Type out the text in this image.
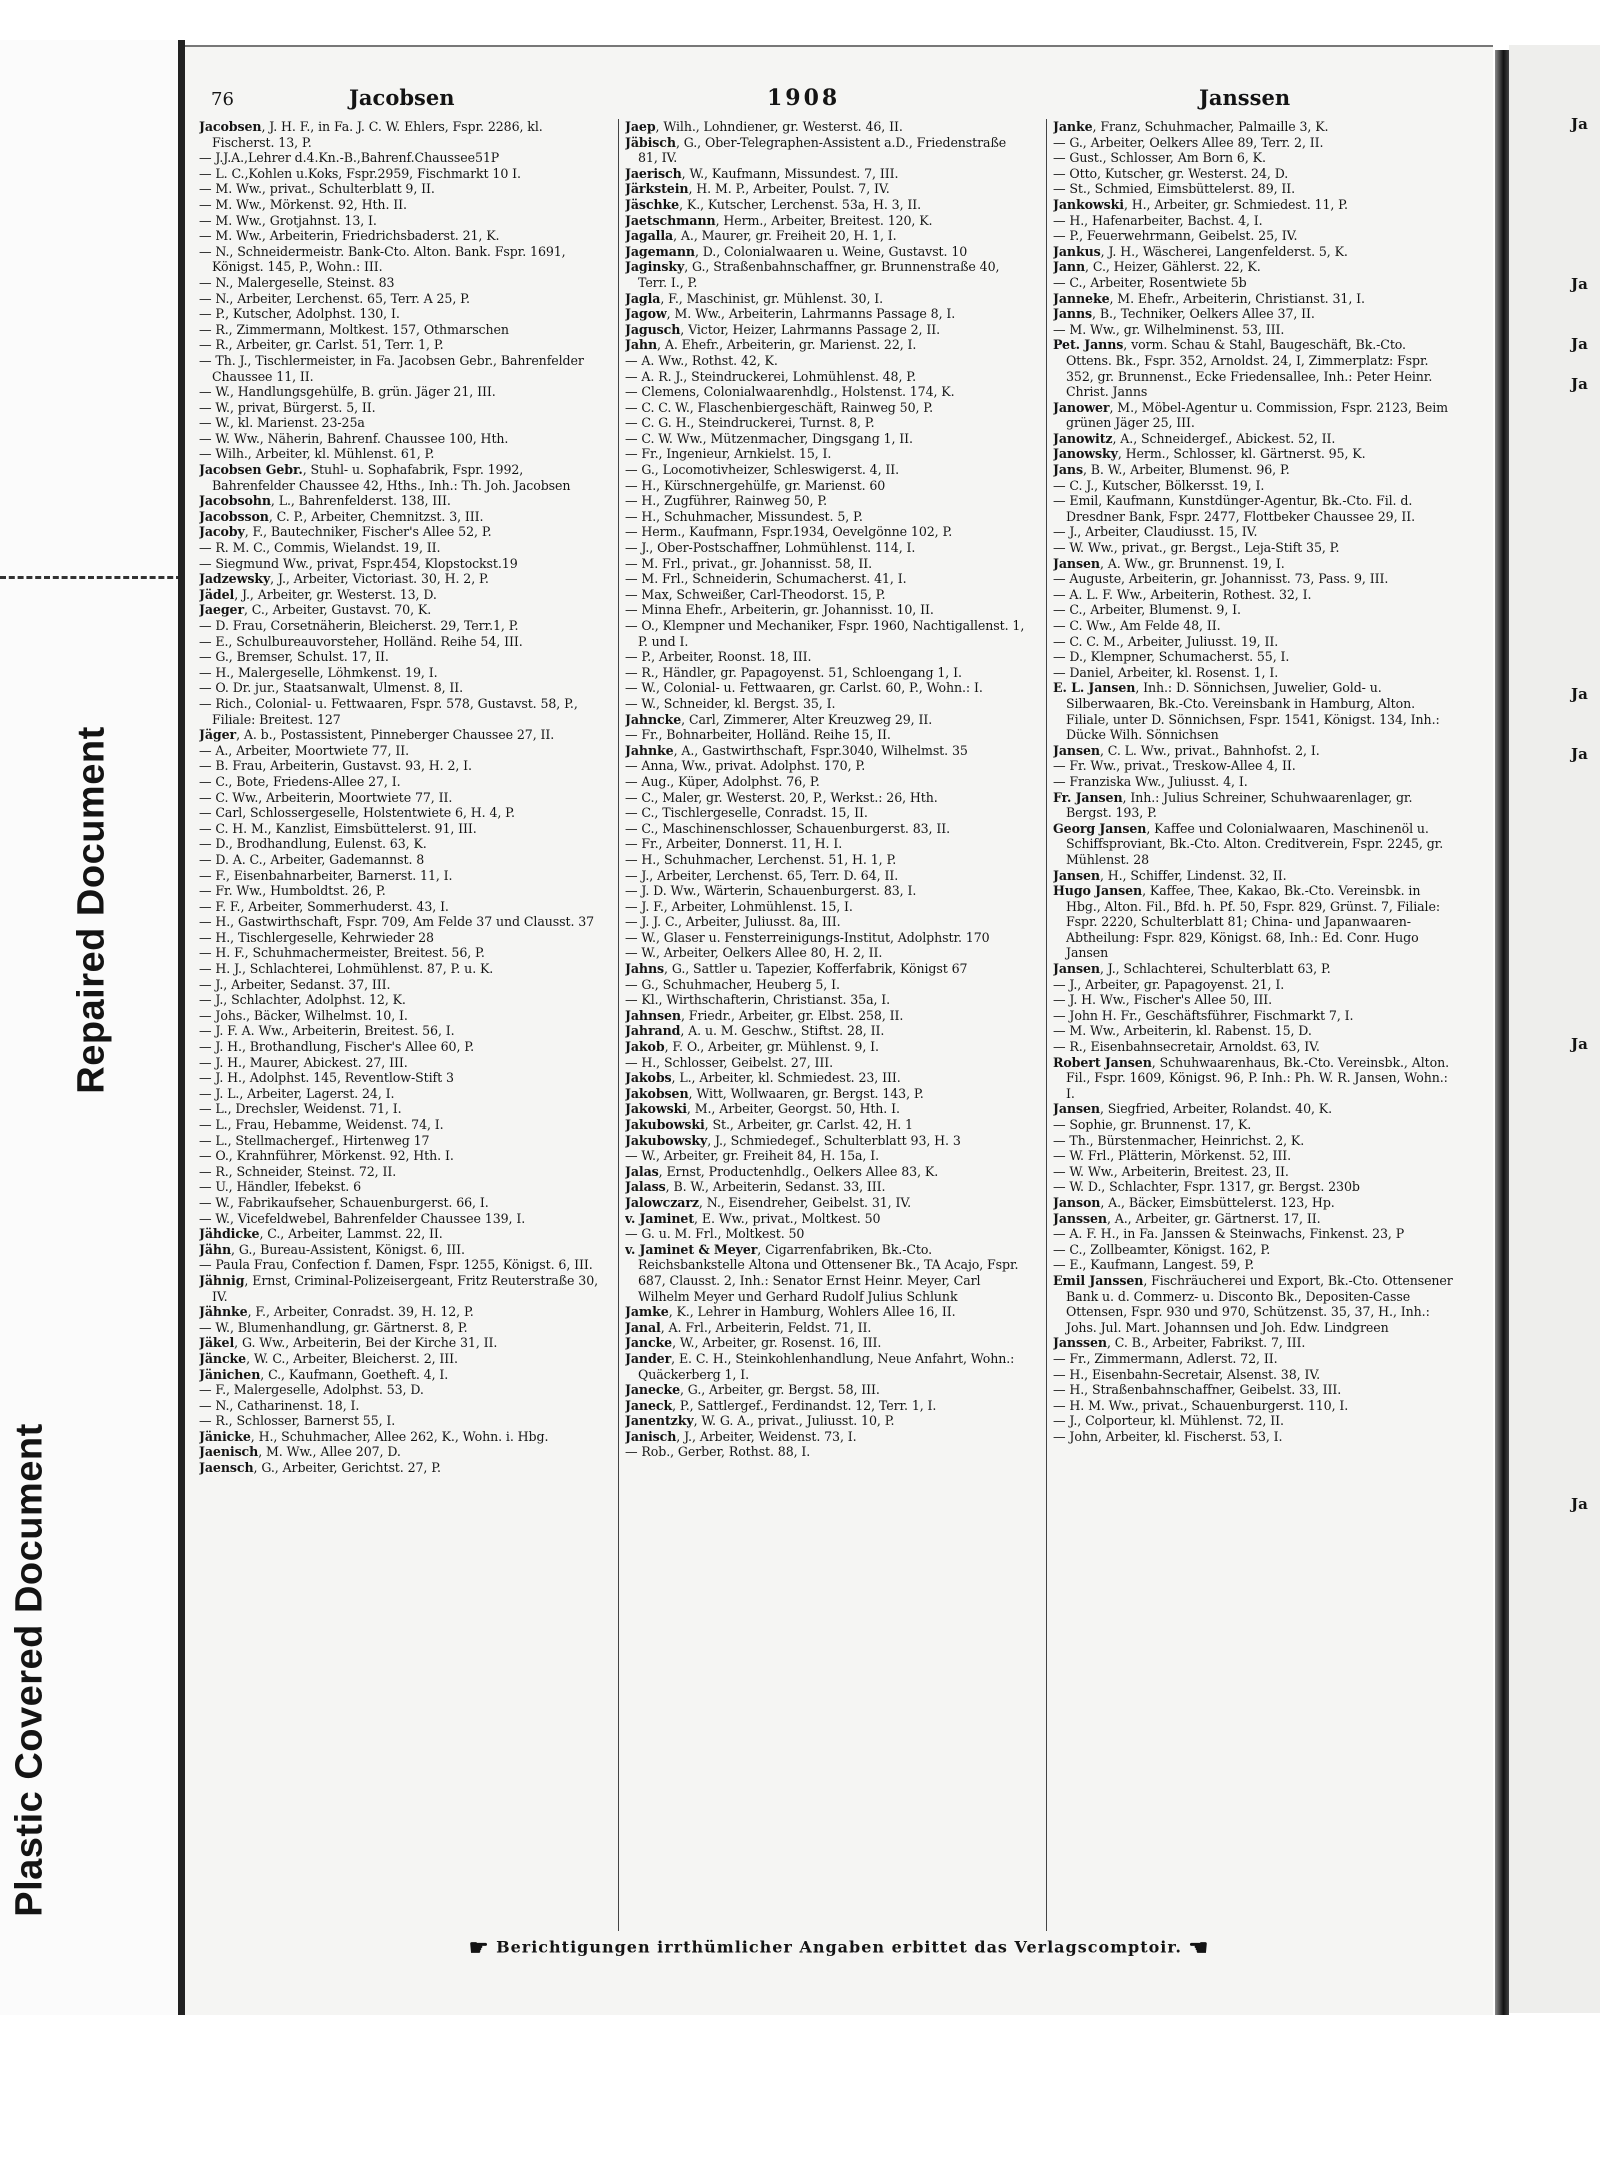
Repaired Document
Plastic Covered Document
76	Jacobsen	1908	Janssen
Jacobsen, J. H. F., in Fa. J. C. W. Ehlers, Fspr. 2286, kl. Fischerst. 13, P.
— J.J.A.,Lehrer d.4.Kn.-B.,Bahrenf.Chaussee51P
— L. C.,Kohlen u.Koks, Fspr.2959, Fischmarkt 10 I.
— M. Ww., privat., Schulterblatt 9, II.
— M. Ww., Mörkenst. 92, Hth. II.
— M. Ww., Grotjahnst. 13, I.
— M. Ww., Arbeiterin, Friedrichsbaderst. 21, K.
— N., Schneidermeistr. Bank-Cto. Alton. Bank. Fspr. 1691, Königst. 145, P., Wohn.: III.
— N., Malergeselle, Steinst. 83
— N., Arbeiter, Lerchenst. 65, Terr. A 25, P.
— P., Kutscher, Adolphst. 130, I.
— R., Zimmermann, Moltkest. 157, Othmarschen
— R., Arbeiter, gr. Carlst. 51, Terr. 1, P.
— Th. J., Tischlermeister, in Fa. Jacobsen Gebr., Bahrenfelder Chaussee 11, II.
— W., Handlungsgehülfe, B. grün. Jäger 21, III.
— W., privat, Bürgerst. 5, II.
— W., kl. Marienst. 23-25a
— W. Ww., Näherin, Bahrenf. Chaussee 100, Hth.
— Wilh., Arbeiter, kl. Mühlenst. 61, P.
Jacobsen Gebr., Stuhl- u. Sophafabrik, Fspr. 1992, Bahrenfelder Chaussee 42, Hths., Inh.: Th. Joh. Jacobsen
Jacobsohn, L., Bahrenfelderst. 138, III.
Jacobsson, C. P., Arbeiter, Chemnitzst. 3, III.
Jacoby, F., Bautechniker, Fischer's Allee 52, P.
— R. M. C., Commis, Wielandst. 19, II.
— Siegmund Ww., privat, Fspr.454, Klopstockst.19
Jadzewsky, J., Arbeiter, Victoriast. 30, H. 2, P.
Jädel, J., Arbeiter, gr. Westerst. 13, D.
Jaeger, C., Arbeiter, Gustavst. 70, K.
— D. Frau, Corsetnäherin, Bleicherst. 29, Terr.1, P.
— E., Schulbureauvorsteher, Holländ. Reihe 54, III.
— G., Bremser, Schulst. 17, II.
— H., Malergeselle, Löhmkenst. 19, I.
— O. Dr. jur., Staatsanwalt, Ulmenst. 8, II.
— Rich., Colonial- u. Fettwaaren, Fspr. 578, Gustavst. 58, P., Filiale: Breitest. 127
Jäger, A. b., Postassistent, Pinneberger Chaussee 27, II.
— A., Arbeiter, Moortwiete 77, II.
— B. Frau, Arbeiterin, Gustavst. 93, H. 2, I.
— C., Bote, Friedens-Allee 27, I.
— C. Ww., Arbeiterin, Moortwiete 77, II.
— Carl, Schlossergeselle, Holstentwiete 6, H. 4, P.
— C. H. M., Kanzlist, Eimsbüttelerst. 91, III.
— D., Brodhandlung, Eulenst. 63, K.
— D. A. C., Arbeiter, Gademannst. 8
— F., Eisenbahnarbeiter, Barnerst. 11, I.
— Fr. Ww., Humboldtst. 26, P.
— F. F., Arbeiter, Sommerhuderst. 43, I.
— H., Gastwirthschaft, Fspr. 709, Am Felde 37 und Clausst. 37
— H., Tischlergeselle, Kehrwieder 28
— H. F., Schuhmachermeister, Breitest. 56, P.
— H. J., Schlachterei, Lohmühlenst. 87, P. u. K.
— J., Arbeiter, Sedanst. 37, III.
— J., Schlachter, Adolphst. 12, K.
— Johs., Bäcker, Wilhelmst. 10, I.
— J. F. A. Ww., Arbeiterin, Breitest. 56, I.
— J. H., Brothandlung, Fischer's Allee 60, P.
— J. H., Maurer, Abickest. 27, III.
— J. H., Adolphst. 145, Reventlow-Stift 3
— J. L., Arbeiter, Lagerst. 24, I.
— L., Drechsler, Weidenst. 71, I.
— L., Frau, Hebamme, Weidenst. 74, I.
— L., Stellmachergef., Hirtenweg 17
— O., Krahnführer, Mörkenst. 92, Hth. I.
— R., Schneider, Steinst. 72, II.
— U., Händler, Ifebekst. 6
— W., Fabrikaufseher, Schauenburgerst. 66, I.
— W., Vicefeldwebel, Bahrenfelder Chaussee 139, I.
Jähdicke, C., Arbeiter, Lammst. 22, II.
Jähn, G., Bureau-Assistent, Königst. 6, III.
— Paula Frau, Confection f. Damen, Fspr. 1255, Königst. 6, III.
Jähnig, Ernst, Criminal-Polizeisergeant, Fritz Reuterstraße 30, IV.
Jähnke, F., Arbeiter, Conradst. 39, H. 12, P.
— W., Blumenhandlung, gr. Gärtnerst. 8, P.
Jäkel, G. Ww., Arbeiterin, Bei der Kirche 31, II.
Jäncke, W. C., Arbeiter, Bleicherst. 2, III.
Jänichen, C., Kaufmann, Goetheft. 4, I.
— F., Malergeselle, Adolphst. 53, D.
— N., Catharinenst. 18, I.
— R., Schlosser, Barnerst 55, I.
Jänicke, H., Schuhmacher, Allee 262, K., Wohn. i. Hbg.
Jaenisch, M. Ww., Allee 207, D.
Jaensch, G., Arbeiter, Gerichtst. 27, P.
Jaep, Wilh., Lohndiener, gr. Westerst. 46, II.
Jäbisch, G., Ober-Telegraphen-Assistent a.D., Friedenstraße 81, IV.
Jaerisch, W., Kaufmann, Missundest. 7, III.
Järkstein, H. M. P., Arbeiter, Poulst. 7, IV.
Jäschke, K., Kutscher, Lerchenst. 53a, H. 3, II.
Jaetschmann, Herm., Arbeiter, Breitest. 120, K.
Jagalla, A., Maurer, gr. Freiheit 20, H. 1, I.
Jagemann, D., Colonialwaaren u. Weine, Gustavst. 10
Jaginsky, G., Straßenbahnschaffner, gr. Brunnenstraße 40, Terr. I., P.
Jagla, F., Maschinist, gr. Mühlenst. 30, I.
Jagow, M. Ww., Arbeiterin, Lahrmanns Passage 8, I.
Jagusch, Victor, Heizer, Lahrmanns Passage 2, II.
Jahn, A. Ehefr., Arbeiterin, gr. Marienst. 22, I.
— A. Ww., Rothst. 42, K.
— A. R. J., Steindruckerei, Lohmühlenst. 48, P.
— Clemens, Colonialwaarenhdlg., Holstenst. 174, K.
— C. C. W., Flaschenbiergeschäft, Rainweg 50, P.
— C. G. H., Steindruckerei, Turnst. 8, P.
— C. W. Ww., Mützenmacher, Dingsgang 1, II.
— Fr., Ingenieur, Arnkielst. 15, I.
— G., Locomotivheizer, Schleswigerst. 4, II.
— H., Kürschnergehülfe, gr. Marienst. 60
— H., Zugführer, Rainweg 50, P.
— H., Schuhmacher, Missundest. 5, P.
— Herm., Kaufmann, Fspr.1934, Oevelgönne 102, P.
— J., Ober-Postschaffner, Lohmühlenst. 114, I.
— M. Frl., privat., gr. Johannisst. 58, II.
— M. Frl., Schneiderin, Schumacherst. 41, I.
— Max, Schweißer, Carl-Theodorst. 15, P.
— Minna Ehefr., Arbeiterin, gr. Johannisst. 10, II.
— O., Klempner und Mechaniker, Fspr. 1960, Nachtigallenst. 1, P. und I.
— P., Arbeiter, Roonst. 18, III.
— R., Händler, gr. Papagoyenst. 51, Schloengang 1, I.
— W., Colonial- u. Fettwaaren, gr. Carlst. 60, P., Wohn.: I.
— W., Schneider, kl. Bergst. 35, I.
Jahncke, Carl, Zimmerer, Alter Kreuzweg 29, II.
— Fr., Bohnarbeiter, Holländ. Reihe 15, II.
Jahnke, A., Gastwirthschaft, Fspr.3040, Wilhelmst. 35
— Anna, Ww., privat. Adolphst. 170, P.
— Aug., Küper, Adolphst. 76, P.
— C., Maler, gr. Westerst. 20, P., Werkst.: 26, Hth.
— C., Tischlergeselle, Conradst. 15, II.
— C., Maschinenschlosser, Schauenburgerst. 83, II.
— Fr., Arbeiter, Donnerst. 11, H. I.
— H., Schuhmacher, Lerchenst. 51, H. 1, P.
— J., Arbeiter, Lerchenst. 65, Terr. D. 64, II.
— J. D. Ww., Wärterin, Schauenburgerst. 83, I.
— J. F., Arbeiter, Lohmühlenst. 15, I.
— J. J. C., Arbeiter, Juliusst. 8a, III.
— W., Glaser u. Fensterreinigungs-Institut, Adolphstr. 170
— W., Arbeiter, Oelkers Allee 80, H. 2, II.
Jahns, G., Sattler u. Tapezier, Kofferfabrik, Königst 67
— G., Schuhmacher, Heuberg 5, I.
— Kl., Wirthschafterin, Christianst. 35a, I.
Jahnsen, Friedr., Arbeiter, gr. Elbst. 258, II.
Jahrand, A. u. M. Geschw., Stiftst. 28, II.
Jakob, F. O., Arbeiter, gr. Mühlenst. 9, I.
— H., Schlosser, Geibelst. 27, III.
Jakobs, L., Arbeiter, kl. Schmiedest. 23, III.
Jakobsen, Witt, Wollwaaren, gr. Bergst. 143, P.
Jakowski, M., Arbeiter, Georgst. 50, Hth. I.
Jakubowski, St., Arbeiter, gr. Carlst. 42, H. 1
Jakubowsky, J., Schmiedegef., Schulterblatt 93, H. 3
— W., Arbeiter, gr. Freiheit 84, H. 15a, I.
Jalas, Ernst, Productenhdlg., Oelkers Allee 83, K.
Jalass, B. W., Arbeiterin, Sedanst. 33, III.
Jalowczarz, N., Eisendreher, Geibelst. 31, IV.
v. Jaminet, E. Ww., privat., Moltkest. 50
— G. u. M. Frl., Moltkest. 50
v. Jaminet & Meyer, Cigarrenfabriken, Bk.-Cto. Reichsbankstelle Altona und Ottensener Bk., TA Acajo, Fspr. 687, Clausst. 2, Inh.: Senator Ernst Heinr. Meyer, Carl Wilhelm Meyer und Gerhard Rudolf Julius Schlunk
Jamke, K., Lehrer in Hamburg, Wohlers Allee 16, II.
Janal, A. Frl., Arbeiterin, Feldst. 71, II.
Jancke, W., Arbeiter, gr. Rosenst. 16, III.
Jander, E. C. H., Steinkohlenhandlung, Neue Anfahrt, Wohn.: Quäckerberg 1, I.
Janecke, G., Arbeiter, gr. Bergst. 58, III.
Janeck, P., Sattlergef., Ferdinandst. 12, Terr. 1, I.
Janentzky, W. G. A., privat., Juliusst. 10, P.
Janisch, J., Arbeiter, Weidenst. 73, I.
— Rob., Gerber, Rothst. 88, I.
Janke, Franz, Schuhmacher, Palmaille 3, K.
— G., Arbeiter, Oelkers Allee 89, Terr. 2, II.
— Gust., Schlosser, Am Born 6, K.
— Otto, Kutscher, gr. Westerst. 24, D.
— St., Schmied, Eimsbüttelerst. 89, II.
Jankowski, H., Arbeiter, gr. Schmiedest. 11, P.
— H., Hafenarbeiter, Bachst. 4, I.
— P., Feuerwehrmann, Geibelst. 25, IV.
Jankus, J. H., Wäscherei, Langenfelderst. 5, K.
Jann, C., Heizer, Gählerst. 22, K.
— C., Arbeiter, Rosentwiete 5b
Janneke, M. Ehefr., Arbeiterin, Christianst. 31, I.
Janns, B., Techniker, Oelkers Allee 37, II.
— M. Ww., gr. Wilhelminenst. 53, III.
Pet. Janns, vorm. Schau & Stahl, Baugeschäft, Bk.-Cto. Ottens. Bk., Fspr. 352, Arnoldst. 24, I, Zimmerplatz: Fspr. 352, gr. Brunnenst., Ecke Friedensallee, Inh.: Peter Heinr. Christ. Janns
Janower, M., Möbel-Agentur u. Commission, Fspr. 2123, Beim grünen Jäger 25, III.
Janowitz, A., Schneidergef., Abickest. 52, II.
Janowsky, Herm., Schlosser, kl. Gärtnerst. 95, K.
Jans, B. W., Arbeiter, Blumenst. 96, P.
— C. J., Kutscher, Bölkersst. 19, I.
— Emil, Kaufmann, Kunstdünger-Agentur, Bk.-Cto. Fil. d. Dresdner Bank, Fspr. 2477, Flottbeker Chaussee 29, II.
— J., Arbeiter, Claudiusst. 15, IV.
— W. Ww., privat., gr. Bergst., Leja-Stift 35, P.
Jansen, A. Ww., gr. Brunnenst. 19, I.
— Auguste, Arbeiterin, gr. Johannisst. 73, Pass. 9, III.
— A. L. F. Ww., Arbeiterin, Rothest. 32, I.
— C., Arbeiter, Blumenst. 9, I.
— C. Ww., Am Felde 48, II.
— C. C. M., Arbeiter, Juliusst. 19, II.
— D., Klempner, Schumacherst. 55, I.
— Daniel, Arbeiter, kl. Rosenst. 1, I.
E. L. Jansen, Inh.: D. Sönnichsen, Juwelier, Gold- u. Silberwaaren, Bk.-Cto. Vereinsbank in Hamburg, Alton. Filiale, unter D. Sönnichsen, Fspr. 1541, Königst. 134, Inh.: Dücke Wilh. Sönnichsen
Jansen, C. L. Ww., privat., Bahnhofst. 2, I.
— Fr. Ww., privat., Treskow-Allee 4, II.
— Franziska Ww., Juliusst. 4, I.
Fr. Jansen, Inh.: Julius Schreiner, Schuhwaarenlager, gr. Bergst. 193, P.
Georg Jansen, Kaffee und Colonialwaaren, Maschinenöl u. Schiffsproviant, Bk.-Cto. Alton. Creditverein, Fspr. 2245, gr. Mühlenst. 28
Jansen, H., Schiffer, Lindenst. 32, II.
Hugo Jansen, Kaffee, Thee, Kakao, Bk.-Cto. Vereinsbk. in Hbg., Alton. Fil., Bfd. h. Pf. 50, Fspr. 829, Grünst. 7, Filiale: Fspr. 2220, Schulterblatt 81; China- und Japanwaaren-Abtheilung: Fspr. 829, Königst. 68, Inh.: Ed. Conr. Hugo Jansen
Jansen, J., Schlachterei, Schulterblatt 63, P.
— J., Arbeiter, gr. Papagoyenst. 21, I.
— J. H. Ww., Fischer's Allee 50, III.
— John H. Fr., Geschäftsführer, Fischmarkt 7, I.
— M. Ww., Arbeiterin, kl. Rabenst. 15, D.
— R., Eisenbahnsecretair, Arnoldst. 63, IV.
Robert Jansen, Schuhwaarenhaus, Bk.-Cto. Vereinsbk., Alton. Fil., Fspr. 1609, Königst. 96, P. Inh.: Ph. W. R. Jansen, Wohn.: I.
Jansen, Siegfried, Arbeiter, Rolandst. 40, K.
— Sophie, gr. Brunnenst. 17, K.
— Th., Bürstenmacher, Heinrichst. 2, K.
— W. Frl., Plätterin, Mörkenst. 52, III.
— W. Ww., Arbeiterin, Breitest. 23, II.
— W. D., Schlachter, Fspr. 1317, gr. Bergst. 230b
Janson, A., Bäcker, Eimsbüttelerst. 123, Hp.
Janssen, A., Arbeiter, gr. Gärtnerst. 17, II.
— A. F. H., in Fa. Janssen & Steinwachs, Finkenst. 23, P
— C., Zollbeamter, Königst. 162, P.
— E., Kaufmann, Langest. 59, P.
Emil Janssen, Fischräucherei und Export, Bk.-Cto. Ottensener Bank u. d. Commerz- u. Disconto Bk., Depositen-Casse Ottensen, Fspr. 930 und 970, Schützenst. 35, 37, H., Inh.: Johs. Jul. Mart. Johannsen und Joh. Edw. Lindgreen
Janssen, C. B., Arbeiter, Fabrikst. 7, III.
— Fr., Zimmermann, Adlerst. 72, II.
— H., Eisenbahn-Secretair, Alsenst. 38, IV.
— H., Straßenbahnschaffner, Geibelst. 33, III.
— H. M. Ww., privat., Schauenburgerst. 110, I.
— J., Colporteur, kl. Mühlenst. 72, II.
— John, Arbeiter, kl. Fischerst. 53, I.
☛ Berichtigungen irrthümlicher Angaben erbittet das Verlagscomptoir. ☚
Ja
Ja
Ja
Ja
Ja
Ja
Ja
Ja
